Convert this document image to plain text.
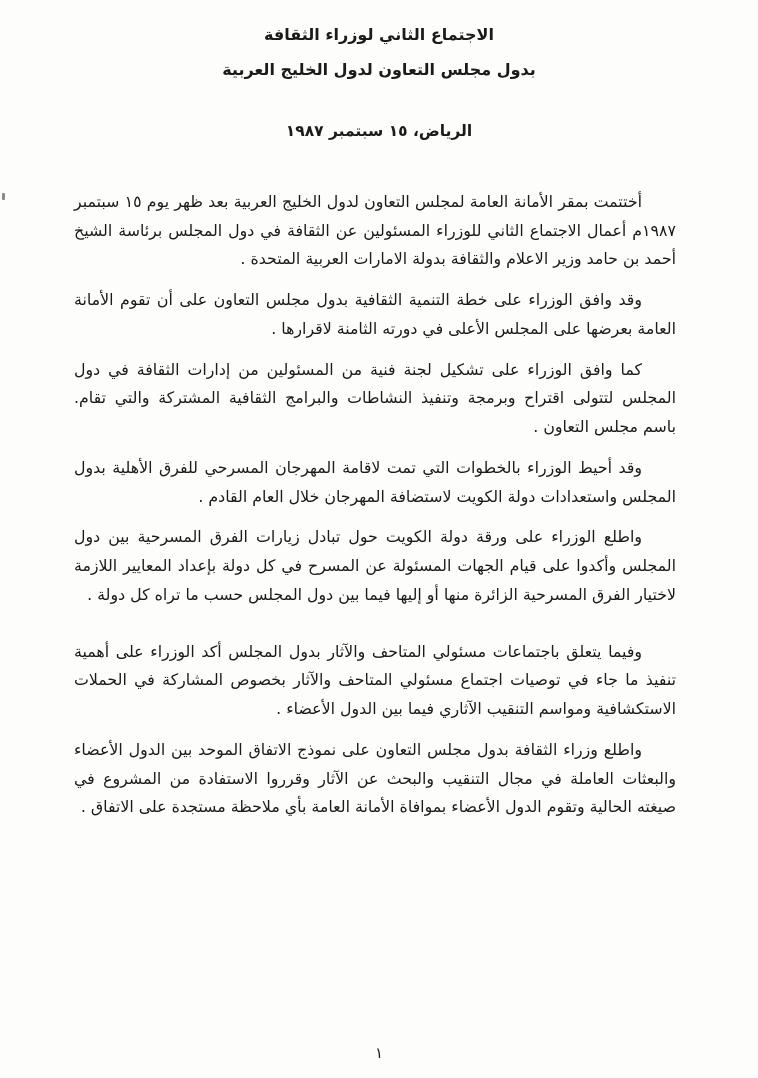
الاجتماع الثاني لوزراء الثقافة
بدول مجلس التعاون لدول الخليج العربية

الرياض، ١٥ سبتمبر ١٩٨٧

أختتمت بمقر الأمانة العامة لمجلس التعاون لدول الخليج العربية بعد ظهر يوم ١٥ سبتمبر ١٩٨٧م أعمال الاجتماع الثاني للوزراء المسئولين عن الثقافة في دول المجلس برئاسة الشيخ أحمد بن حامد وزير الاعلام والثقافة بدولة الامارات العربية المتحدة .

وقد وافق الوزراء على خطة التنمية الثقافية بدول مجلس التعاون على أن تقوم الأمانة العامة بعرضها على المجلس الأعلى في دورته الثامنة لاقرارها .

كما وافق الوزراء على تشكيل لجنة فنية من المسئولين من إدارات الثقافة في دول المجلس لتتولى اقتراح وبرمجة وتنفيذ النشاطات والبرامج الثقافية المشتركة والتي تقام. باسم مجلس التعاون .

وقد أحيط الوزراء بالخطوات التي تمت لاقامة المهرجان المسرحي للفرق الأهلية بدول المجلس واستعدادات دولة الكويت لاستضافة المهرجان خلال العام القادم .

واطلع الوزراء على ورقة دولة الكويت حول تبادل زيارات الفرق المسرحية بين دول المجلس وأكدوا على قيام الجهات المسئولة عن المسرح في كل دولة بإعداد المعايير اللازمة لاختيار الفرق المسرحية الزائرة منها أو إليها فيما بين دول المجلس حسب ما تراه كل دولة .

وفيما يتعلق باجتماعات مسئولي المتاحف والآثار بدول المجلس أكد الوزراء على أهمية تنفيذ ما جاء في توصيات اجتماع مسئولي المتاحف والآثار بخصوص المشاركة في الحملات الاستكشافية ومواسم التنقيب الآثاري فيما بين الدول الأعضاء .

واطلع وزراء الثقافة بدول مجلس التعاون على نموذج الاتفاق الموحد بين الدول الأعضاء والبعثات العاملة في مجال التنقيب والبحث عن الآثار وقرروا الاستفادة من المشروع في صيغته الحالية وتقوم الدول الأعضاء بموافاة الأمانة العامة بأي ملاحظة مستجدة على الاتفاق .

١
